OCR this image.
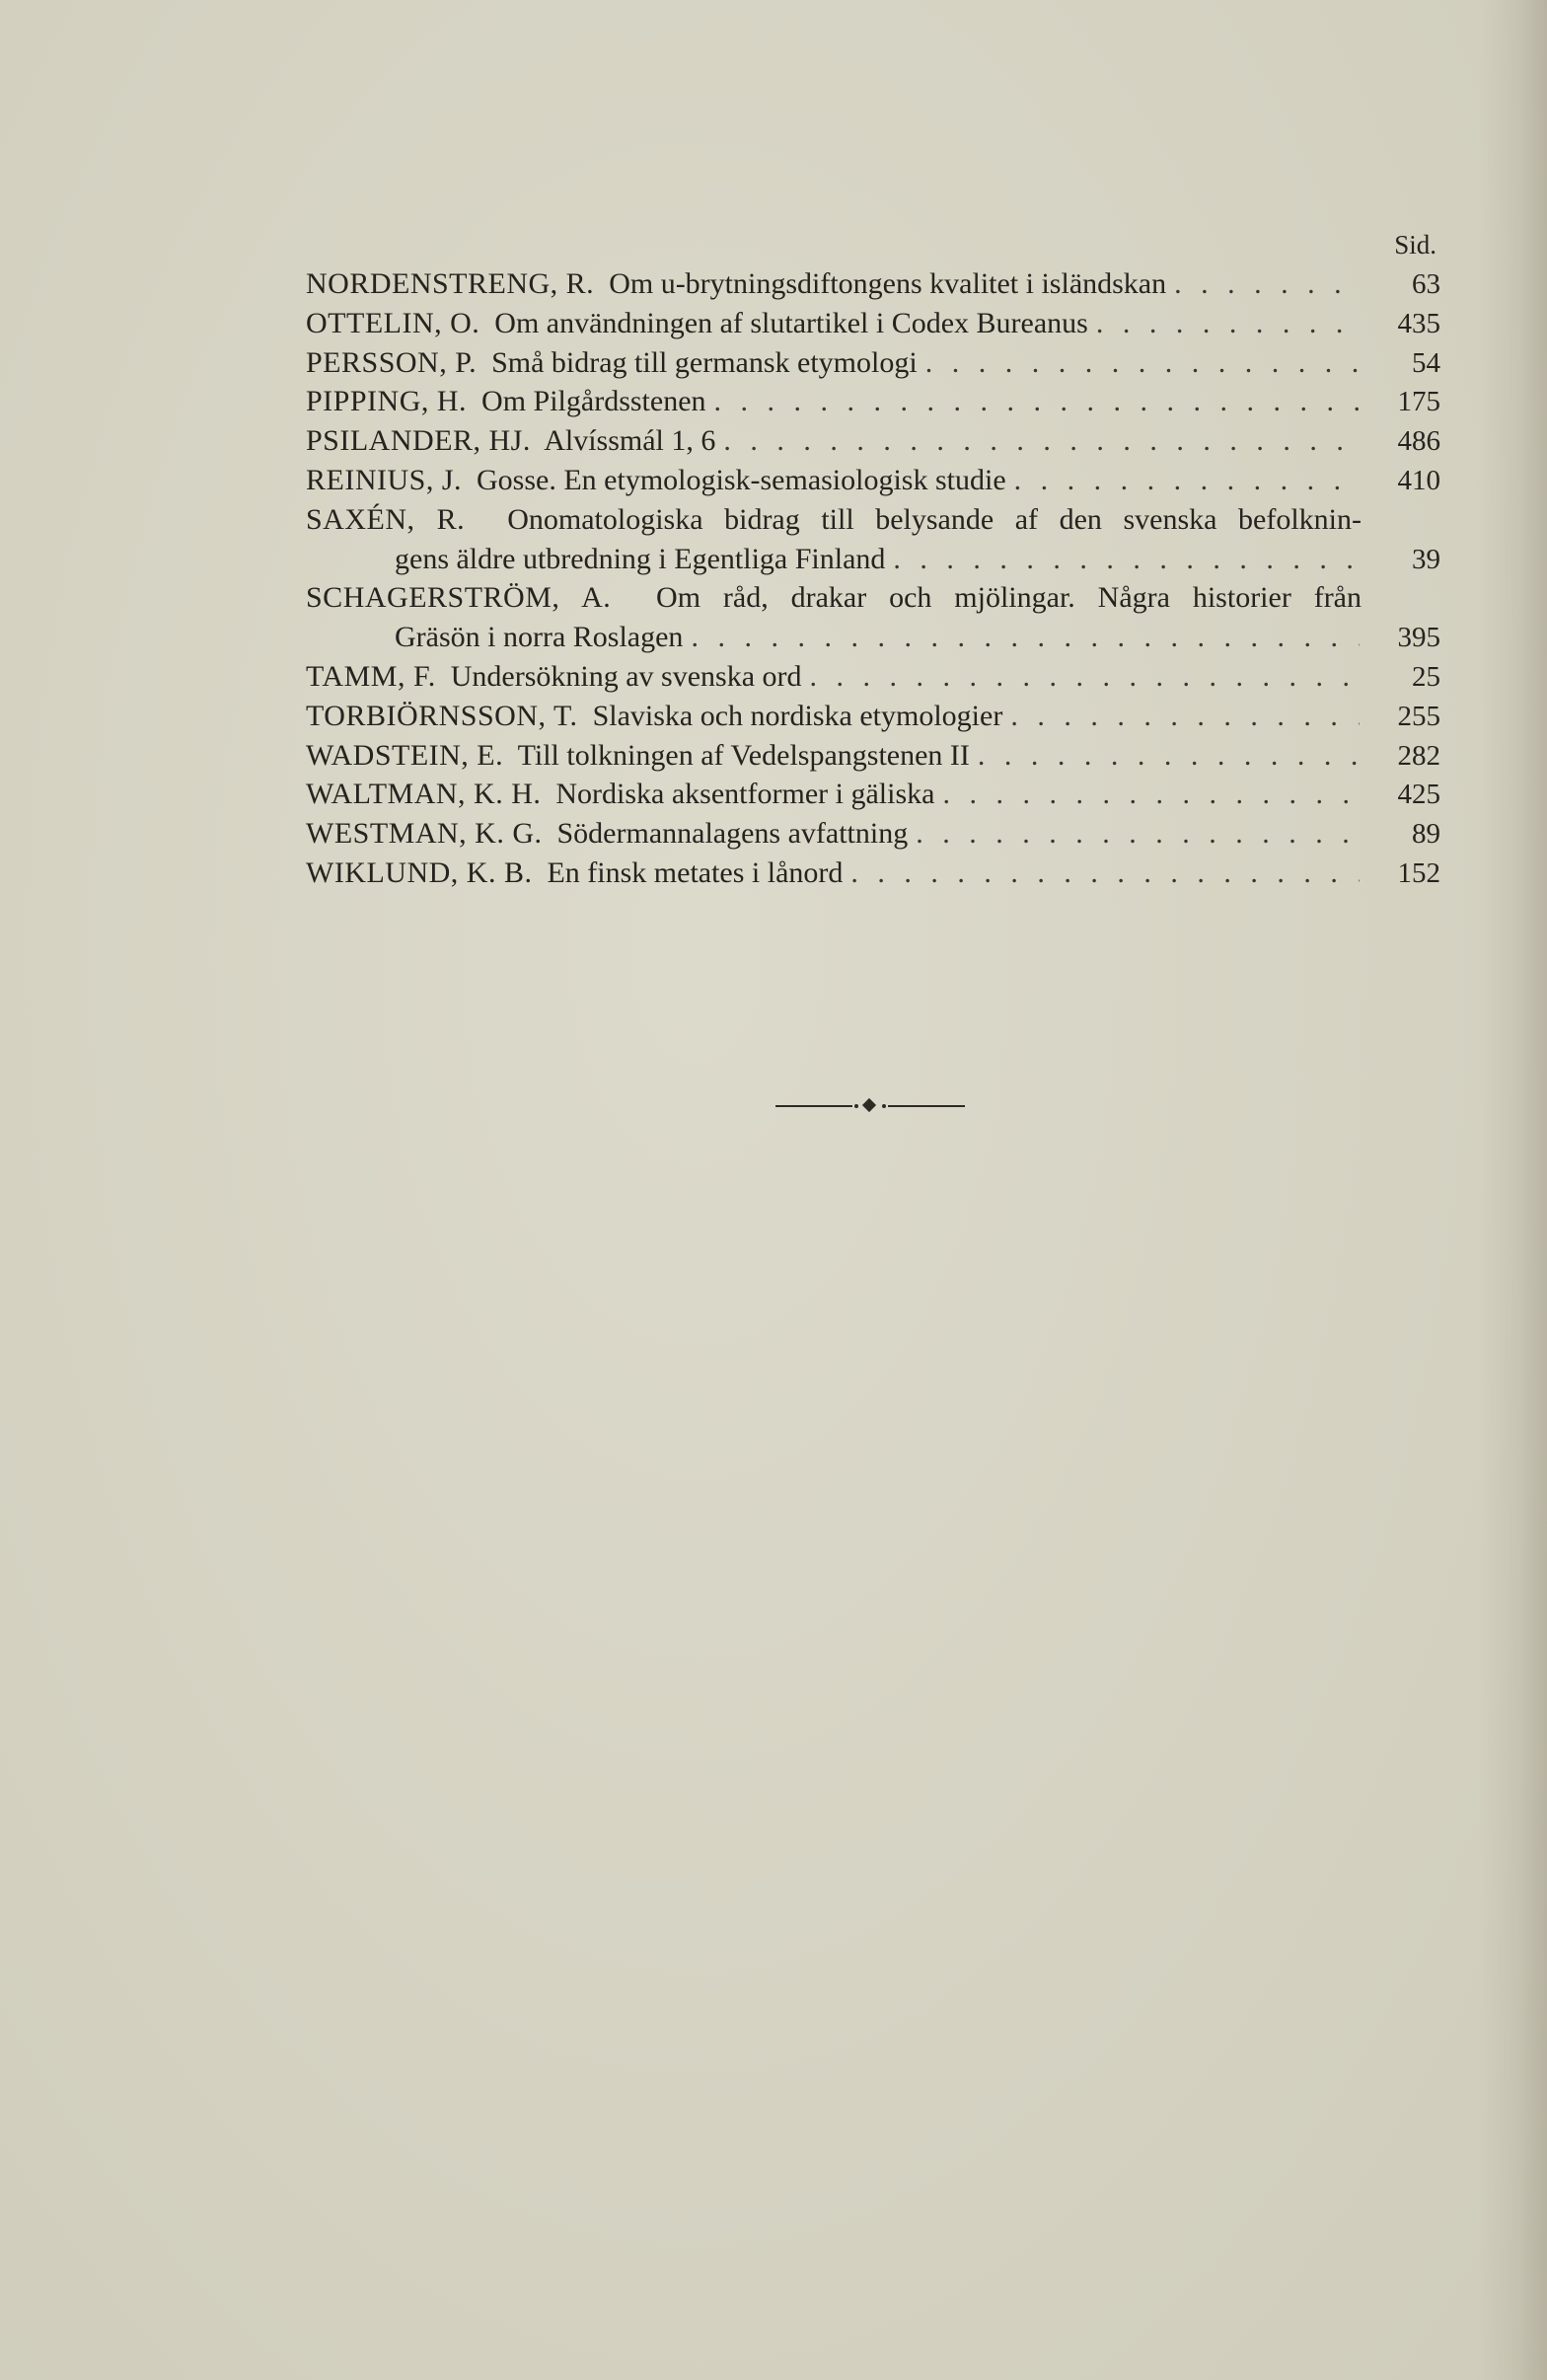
Sid.
NORDENSTRENG, R. Om u-brytningsdiftongens kvalitet i isländskan . . .	63
OTTELIN, O. Om användningen af slutartikel i Codex Bureanus . . .	435
PERSSON, P. Små bidrag till germansk etymologi . . .	54
PIPPING, H. Om Pilgårdsstenen . . .	175
PSILANDER, HJ. Alvíssmál 1, 6 . . .	486
REINIUS, J. Gosse. En etymologisk-semasiologisk studie . . .	410
SAXÉN, R. Onomatologiska bidrag till belysande af den svenska befolknin-
gens äldre utbredning i Egentliga Finland . . .	39
SCHAGERSTRÖM, A. Om råd, drakar och mjölingar. Några historier från
Gräsön i norra Roslagen . . .	395
TAMM, F. Undersökning av svenska ord . . .	25
TORBIÖRNSSON, T. Slaviska och nordiska etymologier . . .	255
WADSTEIN, E. Till tolkningen af Vedelspangstenen II . . .	282
WALTMAN, K. H. Nordiska aksentformer i gäliska . . .	425
WESTMAN, K. G. Södermannalagens avfattning . . .	89
WIKLUND, K. B. En finsk metates i lånord . . .	152
